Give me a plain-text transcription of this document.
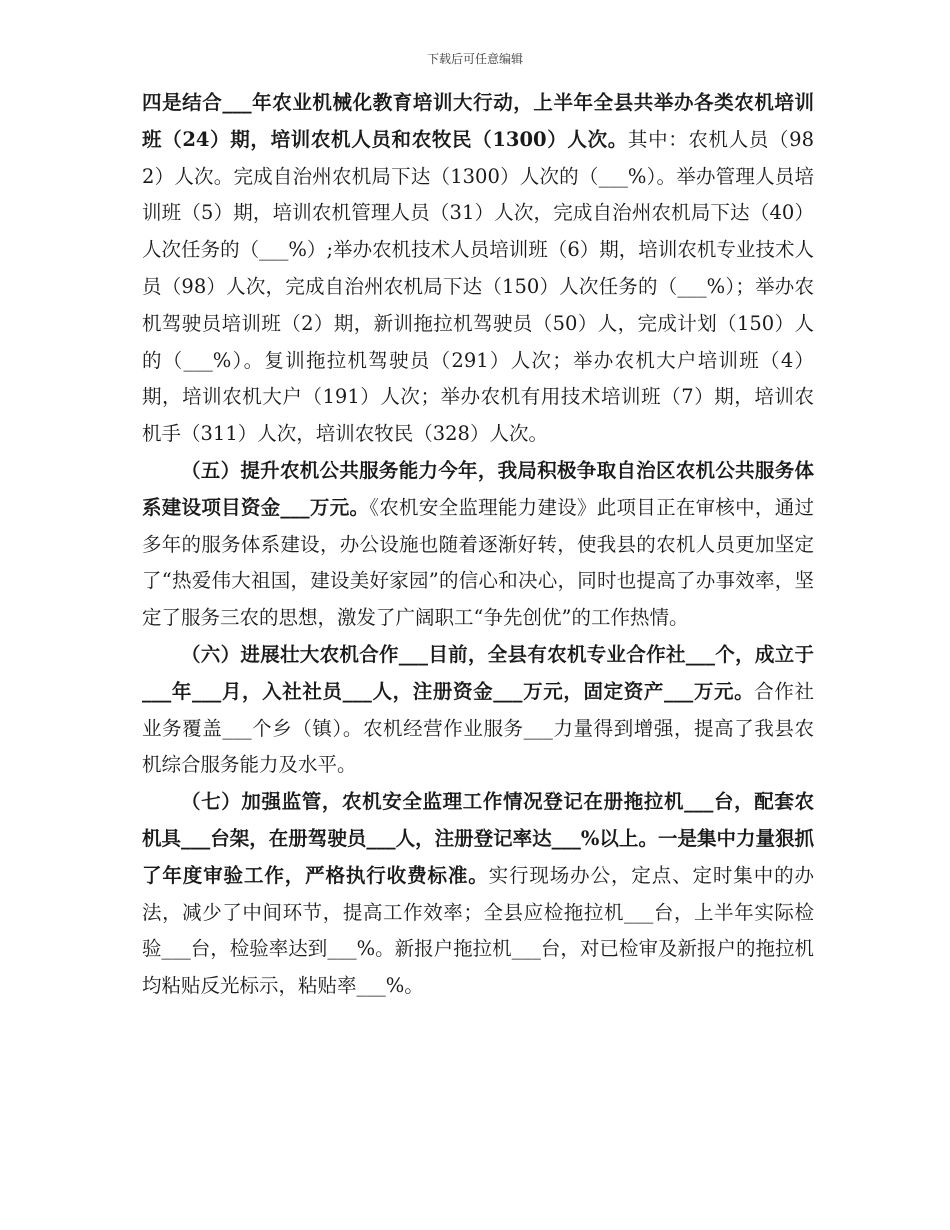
下载后可任意编辑

四是结合___年农业机械化教育培训大行动，上半年全县共举办各类农机培训班（24）期，培训农机人员和农牧民（1300）人次。其中：农机人员（982）人次。完成自治州农机局下达（1300）人次的（___%）。举办管理人员培训班（5）期，培训农机管理人员（31）人次，完成自治州农机局下达（40）人次任务的（___%）;举办农机技术人员培训班（6）期，培训农机专业技术人员（98）人次，完成自治州农机局下达（150）人次任务的（___%）；举办农机驾驶员培训班（2）期，新训拖拉机驾驶员（50）人，完成计划（150）人的（___%）。复训拖拉机驾驶员（291）人次；举办农机大户培训班（4）期，培训农机大户（191）人次；举办农机有用技术培训班（7）期，培训农机手（311）人次，培训农牧民（328）人次。

（五）提升农机公共服务能力今年，我局积极争取自治区农机公共服务体系建设项目资金___万元。《农机安全监理能力建设》此项目正在审核中，通过多年的服务体系建设，办公设施也随着逐渐好转，使我县的农机人员更加坚定了“热爱伟大祖国，建设美好家园”的信心和决心，同时也提高了办事效率，坚定了服务三农的思想，激发了广阔职工“争先创优”的工作热情。

（六）进展壮大农机合作___目前，全县有农机专业合作社___个，成立于___年___月，入社社员___人，注册资金___万元，固定资产___万元。合作社业务覆盖___个乡（镇）。农机经营作业服务___力量得到增强，提高了我县农机综合服务能力及水平。

（七）加强监管，农机安全监理工作情况登记在册拖拉机___台，配套农机具___台架，在册驾驶员___人，注册登记率达___%以上。一是集中力量狠抓了年度审验工作，严格执行收费标准。实行现场办公，定点、定时集中的办法，减少了中间环节，提高工作效率；全县应检拖拉机___台，上半年实际检验___台，检验率达到___%。新报户拖拉机___台，对已检审及新报户的拖拉机均粘贴反光标示，粘贴率___%。
